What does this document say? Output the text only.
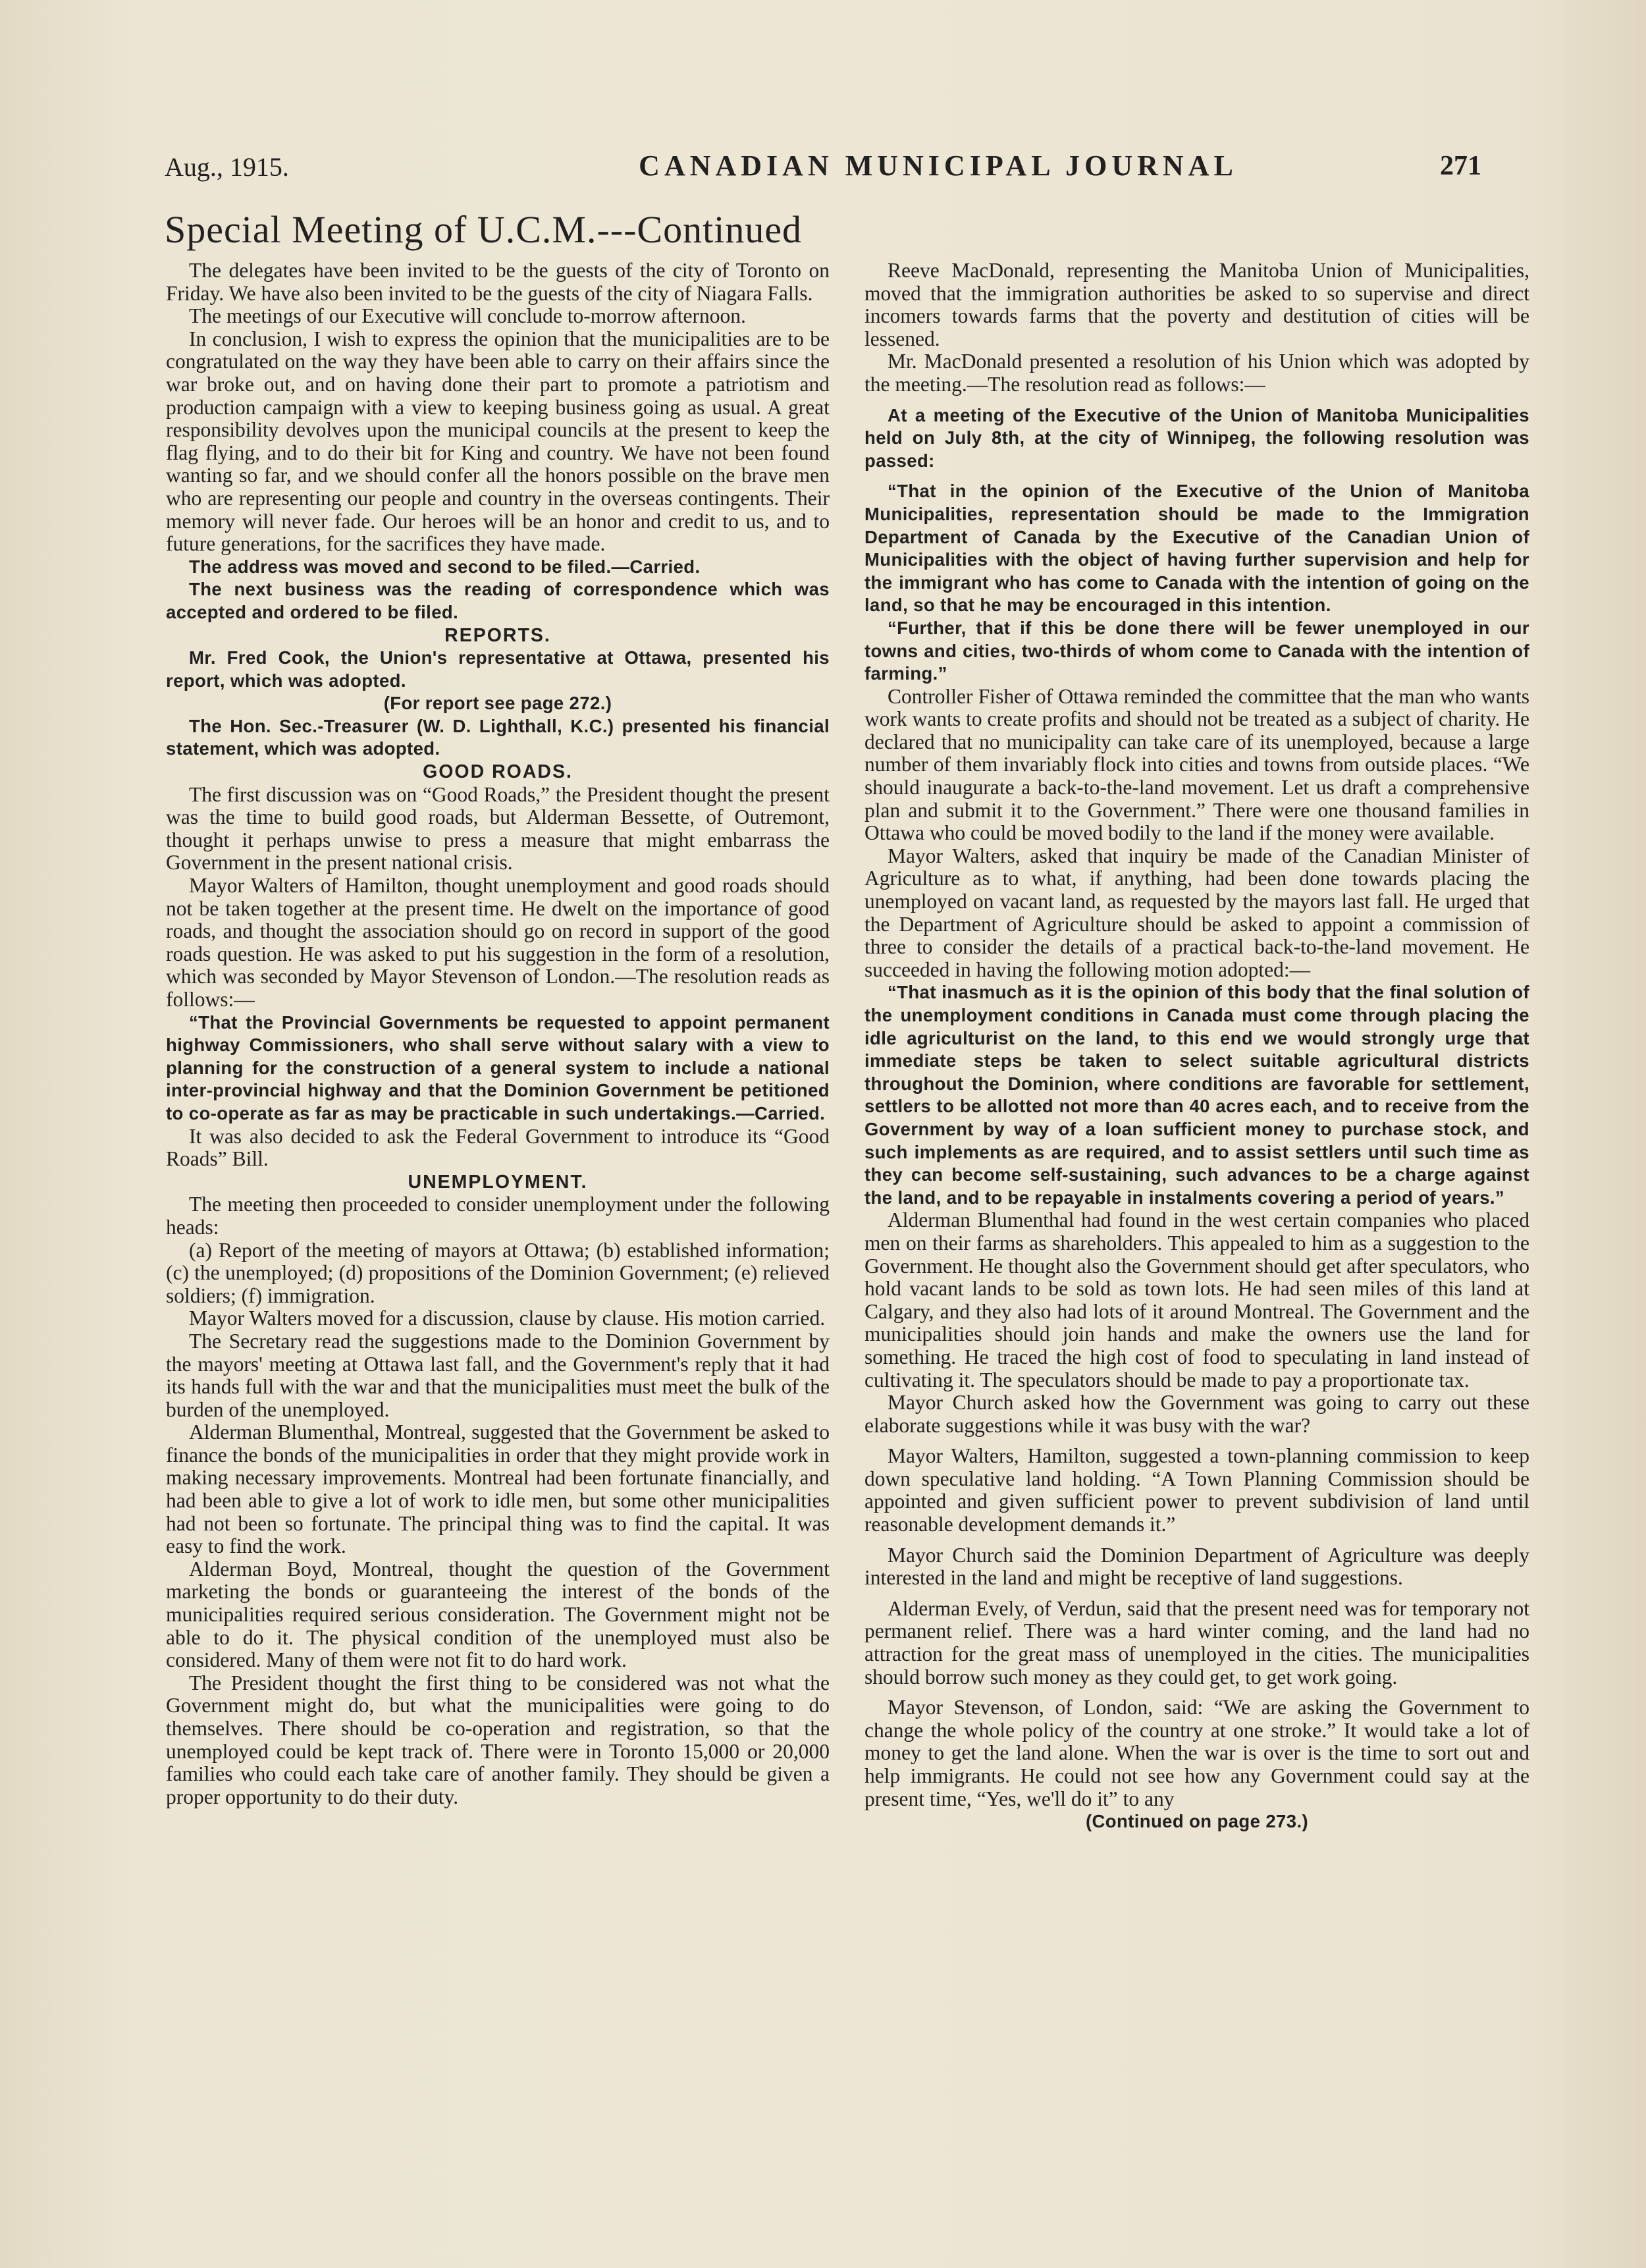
Aug., 1915.	CANADIAN MUNICIPAL JOURNAL	271
Special Meeting of U.C.M.---Continued

The delegates have been invited to be the guests of the city of Toronto on Friday. We have also been invited to be the guests of the city of Niagara Falls.

The meetings of our Executive will conclude to-morrow afternoon.

In conclusion, I wish to express the opinion that the municipalities are to be congratulated on the way they have been able to carry on their affairs since the war broke out, and on having done their part to promote a patriotism and production campaign with a view to keeping business going as usual. A great responsibility devolves upon the municipal councils at the present to keep the flag flying, and to do their bit for King and country. We have not been found wanting so far, and we should confer all the honors possible on the brave men who are representing our people and country in the overseas contingents. Their memory will never fade. Our heroes will be an honor and credit to us, and to future generations, for the sacrifices they have made.

The address was moved and second to be filed.—Carried.

The next business was the reading of correspondence which was accepted and ordered to be filed.

REPORTS.

Mr. Fred Cook, the Union's representative at Ottawa, presented his report, which was adopted.

(For report see page 272.)

The Hon. Sec.-Treasurer (W. D. Lighthall, K.C.) presented his financial statement, which was adopted.

GOOD ROADS.

The first discussion was on “Good Roads,” the President thought the present was the time to build good roads, but Alderman Bessette, of Outremont, thought it perhaps unwise to press a measure that might embarrass the Government in the present national crisis.

Mayor Walters of Hamilton, thought unemployment and good roads should not be taken together at the present time. He dwelt on the importance of good roads, and thought the association should go on record in support of the good roads question. He was asked to put his suggestion in the form of a resolution, which was seconded by Mayor Stevenson of London.—The resolution reads as follows:—

“That the Provincial Governments be requested to appoint permanent highway Commissioners, who shall serve without salary with a view to planning for the construction of a general system to include a national inter-provincial highway and that the Dominion Government be petitioned to co-operate as far as may be practicable in such undertakings.—Carried.

It was also decided to ask the Federal Government to introduce its “Good Roads” Bill.

UNEMPLOYMENT.

The meeting then proceeded to consider unemployment under the following heads:

(a) Report of the meeting of mayors at Ottawa; (b) established information; (c) the unemployed; (d) propositions of the Dominion Government; (e) relieved soldiers; (f) immigration.

Mayor Walters moved for a discussion, clause by clause. His motion carried.

The Secretary read the suggestions made to the Dominion Government by the mayors' meeting at Ottawa last fall, and the Government's reply that it had its hands full with the war and that the municipalities must meet the bulk of the burden of the unemployed.

Alderman Blumenthal, Montreal, suggested that the Government be asked to finance the bonds of the municipalities in order that they might provide work in making necessary improvements. Montreal had been fortunate financially, and had been able to give a lot of work to idle men, but some other municipalities had not been so fortunate. The principal thing was to find the capital. It was easy to find the work.

Alderman Boyd, Montreal, thought the question of the Government marketing the bonds or guaranteeing the interest of the bonds of the municipalities required serious consideration. The Government might not be able to do it. The physical condition of the unemployed must also be considered. Many of them were not fit to do hard work.

The President thought the first thing to be considered was not what the Government might do, but what the municipalities were going to do themselves. There should be co-operation and registration, so that the unemployed could be kept track of. There were in Toronto 15,000 or 20,000 families who could each take care of another family. They should be given a proper opportunity to do their duty.

Reeve MacDonald, representing the Manitoba Union of Municipalities, moved that the immigration authorities be asked to so supervise and direct incomers towards farms that the poverty and destitution of cities will be lessened.

Mr. MacDonald presented a resolution of his Union which was adopted by the meeting.—The resolution read as follows:—

At a meeting of the Executive of the Union of Manitoba Municipalities held on July 8th, at the city of Winnipeg, the following resolution was passed:

“That in the opinion of the Executive of the Union of Manitoba Municipalities, representation should be made to the Immigration Department of Canada by the Executive of the Canadian Union of Municipalities with the object of having further supervision and help for the immigrant who has come to Canada with the intention of going on the land, so that he may be encouraged in this intention.

“Further, that if this be done there will be fewer unemployed in our towns and cities, two-thirds of whom come to Canada with the intention of farming.”

Controller Fisher of Ottawa reminded the committee that the man who wants work wants to create profits and should not be treated as a subject of charity. He declared that no municipality can take care of its unemployed, because a large number of them invariably flock into cities and towns from outside places. “We should inaugurate a back-to-the-land movement. Let us draft a comprehensive plan and submit it to the Government.” There were one thousand families in Ottawa who could be moved bodily to the land if the money were available.

Mayor Walters, asked that inquiry be made of the Canadian Minister of Agriculture as to what, if anything, had been done towards placing the unemployed on vacant land, as requested by the mayors last fall. He urged that the Department of Agriculture should be asked to appoint a commission of three to consider the details of a practical back-to-the-land movement. He succeeded in having the following motion adopted:—

“That inasmuch as it is the opinion of this body that the final solution of the unemployment conditions in Canada must come through placing the idle agriculturist on the land, to this end we would strongly urge that immediate steps be taken to select suitable agricultural districts throughout the Dominion, where conditions are favorable for settlement, settlers to be allotted not more than 40 acres each, and to receive from the Government by way of a loan sufficient money to purchase stock, and such implements as are required, and to assist settlers until such time as they can become self-sustaining, such advances to be a charge against the land, and to be repayable in instalments covering a period of years.”

Alderman Blumenthal had found in the west certain companies who placed men on their farms as shareholders. This appealed to him as a suggestion to the Government. He thought also the Government should get after speculators, who hold vacant lands to be sold as town lots. He had seen miles of this land at Calgary, and they also had lots of it around Montreal. The Government and the municipalities should join hands and make the owners use the land for something. He traced the high cost of food to speculating in land instead of cultivating it. The speculators should be made to pay a proportionate tax.

Mayor Church asked how the Government was going to carry out these elaborate suggestions while it was busy with the war?

Mayor Walters, Hamilton, suggested a town-planning commission to keep down speculative land holding. “A Town Planning Commission should be appointed and given sufficient power to prevent subdivision of land until reasonable development demands it.”

Mayor Church said the Dominion Department of Agriculture was deeply interested in the land and might be receptive of land suggestions.

Alderman Evely, of Verdun, said that the present need was for temporary not permanent relief. There was a hard winter coming, and the land had no attraction for the great mass of unemployed in the cities. The municipalities should borrow such money as they could get, to get work going.

Mayor Stevenson, of London, said: “We are asking the Government to change the whole policy of the country at one stroke.” It would take a lot of money to get the land alone. When the war is over is the time to sort out and help immigrants. He could not see how any Government could say at the present time, “Yes, we'll do it” to any

(Continued on page 273.)
